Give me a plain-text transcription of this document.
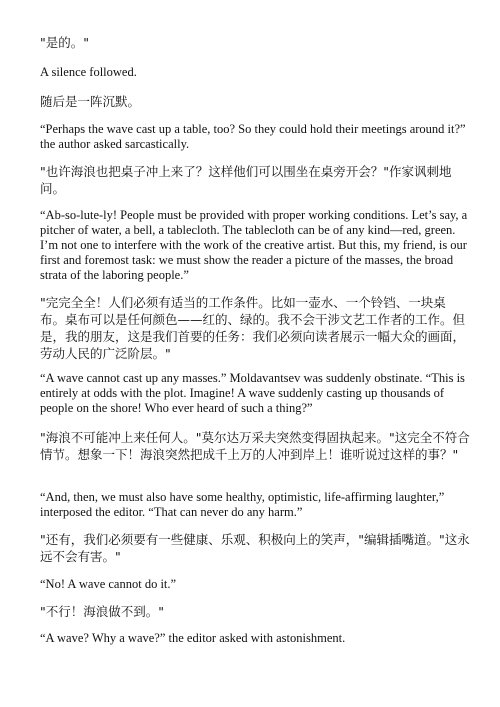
"是的。"

A silence followed.

随后是一阵沉默。

“Perhaps the wave cast up a table, too? So they could hold their meetings around it?” the author asked sarcastically.

"也许海浪也把桌子冲上来了？这样他们可以围坐在桌旁开会？"作家讽刺地问。

“Ab-so-lute-ly! People must be provided with proper working conditions. Let’s say, a pitcher of water, a bell, a tablecloth. The tablecloth can be of any kind—red, green. I’m not one to interfere with the work of the creative artist. But this, my friend, is our first and foremost task: we must show the reader a picture of the masses, the broad strata of the laboring people.”

"完完全全！人们必须有适当的工作条件。比如一壶水、一个铃铛、一块桌布。桌布可以是任何颜色——红的、绿的。我不会干涉文艺工作者的工作。但是，我的朋友，这是我们首要的任务：我们必须向读者展示一幅大众的画面，劳动人民的广泛阶层。"

“A wave cannot cast up any masses.” Moldavantsev was suddenly obstinate. “This is entirely at odds with the plot. Imagine! A wave suddenly casting up thousands of people on the shore! Who ever heard of such a thing?”

"海浪不可能冲上来任何人。"莫尔达万采夫突然变得固执起来。"这完全不符合情节。想象一下！海浪突然把成千上万的人冲到岸上！谁听说过这样的事？"

“And, then, we must also have some healthy, optimistic, life-affirming laughter,” interposed the editor. “That can never do any harm.”

"还有，我们必须要有一些健康、乐观、积极向上的笑声，"编辑插嘴道。"这永远不会有害。"

“No! A wave cannot do it.”

"不行！海浪做不到。"

“A wave? Why a wave?” the editor asked with astonishment.
